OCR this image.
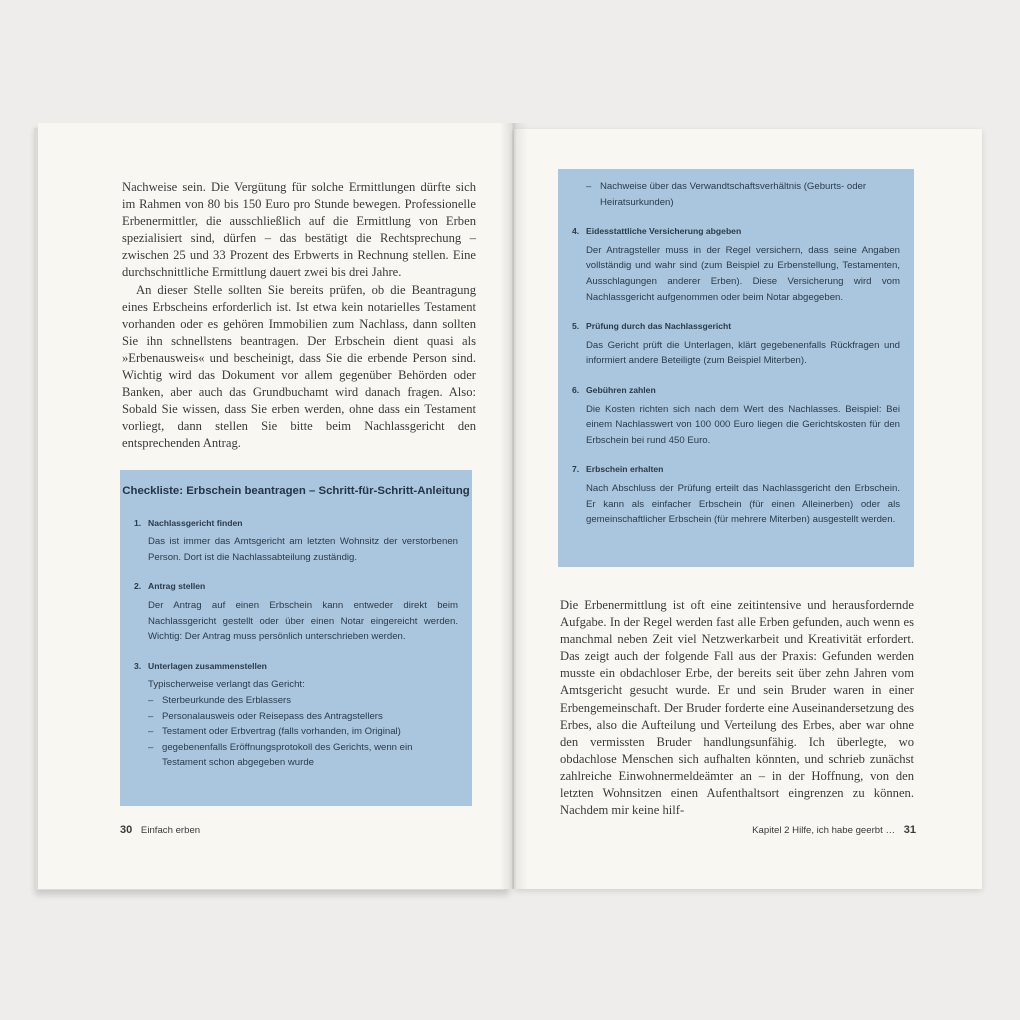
Nachweise sein. Die Vergütung für solche Ermittlungen dürfte sich im Rahmen von 80 bis 150 Euro pro Stunde bewegen. Professionelle Erbenermittler, die ausschließlich auf die Ermittlung von Erben spezialisiert sind, dürfen – das bestätigt die Rechtsprechung – zwischen 25 und 33 Prozent des Erbwerts in Rechnung stellen. Eine durchschnittliche Ermittlung dauert zwei bis drei Jahre.

An dieser Stelle sollten Sie bereits prüfen, ob die Beantragung eines Erbscheins erforderlich ist. Ist etwa kein notarielles Testament vorhanden oder es gehören Immobilien zum Nachlass, dann sollten Sie ihn schnellstens beantragen. Der Erbschein dient quasi als »Erbenausweis« und bescheinigt, dass Sie die erbende Person sind. Wichtig wird das Dokument vor allem gegenüber Behörden oder Banken, aber auch das Grundbuchamt wird danach fragen. Also: Sobald Sie wissen, dass Sie erben werden, ohne dass ein Testament vorliegt, dann stellen Sie bitte beim Nachlassgericht den entsprechenden Antrag.

Checkliste: Erbschein beantragen – Schritt-für-Schritt-Anleitung
1. Nachlassgericht finden
Das ist immer das Amtsgericht am letzten Wohnsitz der verstorbenen Person. Dort ist die Nachlassabteilung zuständig.
2. Antrag stellen
Der Antrag auf einen Erbschein kann entweder direkt beim Nachlassgericht gestellt oder über einen Notar eingereicht werden. Wichtig: Der Antrag muss persönlich unterschrieben werden.
3. Unterlagen zusammenstellen
Typischerweise verlangt das Gericht:
– Sterbeurkunde des Erblassers
– Personalausweis oder Reisepass des Antragstellers
– Testament oder Erbvertrag (falls vorhanden, im Original)
– gegebenenfalls Eröffnungsprotokoll des Gerichts, wenn ein Testament schon abgegeben wurde
30 Einfach erben
– Nachweise über das Verwandtschaftsverhältnis (Geburts- oder Heiratsurkunden)
4. Eidesstattliche Versicherung abgeben
Der Antragsteller muss in der Regel versichern, dass seine Angaben vollständig und wahr sind (zum Beispiel zu Erbenstellung, Testamenten, Ausschlagungen anderer Erben). Diese Versicherung wird vom Nachlassgericht aufgenommen oder beim Notar abgegeben.
5. Prüfung durch das Nachlassgericht
Das Gericht prüft die Unterlagen, klärt gegebenenfalls Rückfragen und informiert andere Beteiligte (zum Beispiel Miterben).
6. Gebühren zahlen
Die Kosten richten sich nach dem Wert des Nachlasses. Beispiel: Bei einem Nachlasswert von 100 000 Euro liegen die Gerichtskosten für den Erbschein bei rund 450 Euro.
7. Erbschein erhalten
Nach Abschluss der Prüfung erteilt das Nachlassgericht den Erbschein. Er kann als einfacher Erbschein (für einen Alleinerben) oder als gemeinschaftlicher Erbschein (für mehrere Miterben) ausgestellt werden.

Die Erbenermittlung ist oft eine zeitintensive und herausfordernde Aufgabe. In der Regel werden fast alle Erben gefunden, auch wenn es manchmal neben Zeit viel Netzwerkarbeit und Kreativität erfordert. Das zeigt auch der folgende Fall aus der Praxis: Gefunden werden musste ein obdachloser Erbe, der bereits seit über zehn Jahren vom Amtsgericht gesucht wurde. Er und sein Bruder waren in einer Erbengemeinschaft. Der Bruder forderte eine Auseinandersetzung des Erbes, also die Aufteilung und Verteilung des Erbes, aber war ohne den vermissten Bruder handlungsunfähig. Ich überlegte, wo obdachlose Menschen sich aufhalten könnten, und schrieb zunächst zahlreiche Einwohnermeldeämter an – in der Hoffnung, von den letzten Wohnsitzen einen Aufenthaltsort eingrenzen zu können. Nachdem mir keine hilf-

Kapitel 2 Hilfe, ich habe geerbt … 31
